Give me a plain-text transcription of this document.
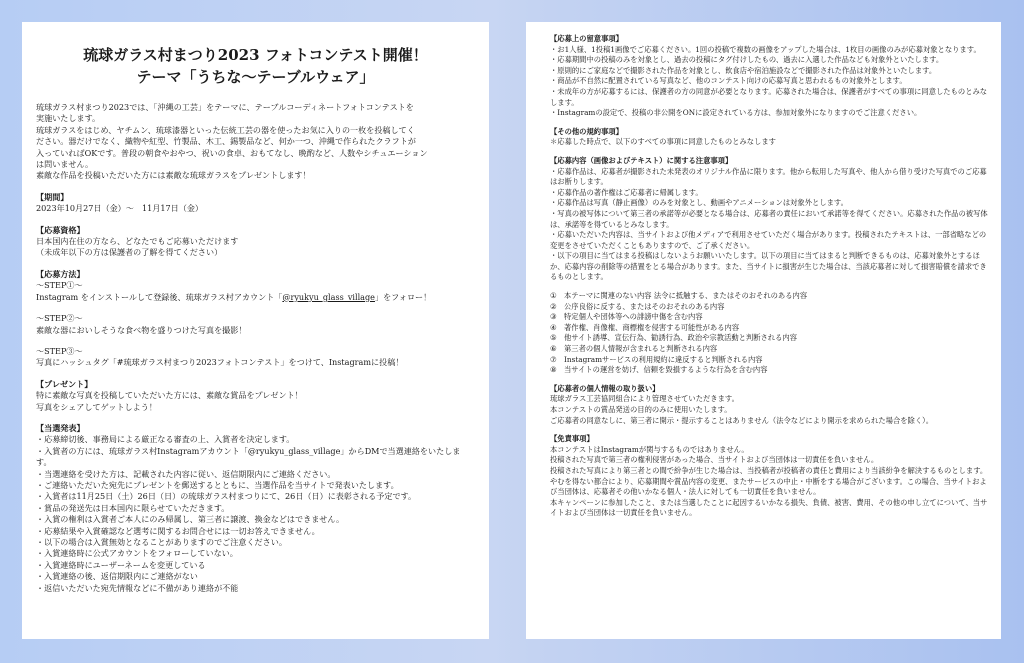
琉球ガラス村まつり2023 フォトコンテスト開催！
テーマ「うちな～テーブルウェア」

琉球ガラス村まつり2023では、「沖縄の工芸」をテーマに、テーブルコーディネートフォトコンテストを

実施いたします。

琉球ガラスをはじめ、ヤチムン、琉球漆器といった伝統工芸の器を使ったお気に入りの一枚を投稿してく

ださい。器だけでなく、織物や紅型、竹製品、木工、錫製品など、何か一つ、沖縄で作られたクラフトが

入っていればOKです。普段の朝食やおやつ、祝いの食卓、おもてなし、晩酌など、人数やシチュエーション

は問いません。

素敵な作品を投稿いただいた方には素敵な琉球ガラスをプレゼントします！

【期間】

2023年10月27日（金）～　11月17日（金）

【応募資格】

日本国内在住の方なら、どなたでもご応募いただけます

（未成年以下の方は保護者の了解を得てください）

【応募方法】

～STEP①～

Instagram をインストールして登録後、琉球ガラス村アカウント「@ryukyu_glass_village」をフォロー！

～STEP②～

素敵な器においしそうな食べ物を盛りつけた写真を撮影！

～STEP③～

写真にハッシュタグ「#琉球ガラス村まつり2023フォトコンテスト」をつけて、Instagramに投稿！

【プレゼント】

特に素敵な写真を投稿していただいた方には、素敵な賞品をプレゼント！

写真をシェアしてゲットしよう！

【当選発表】

・応募締切後、事務局による厳正なる審査の上、入賞者を決定します。
・入賞者の方には、琉球ガラス村Instagramアカウント「@ryukyu_glass_village」からDMで当選連絡をいたします。
・当選連絡を受けた方は、記載された内容に従い、返信期限内にご連絡ください。
・ご連絡いただいた宛先にプレゼントを郵送するとともに、当選作品を当サイトで発表いたします。
・入賞者は11月25日（土）26日（日）の琉球ガラス村まつりにて、26日（日）に表彰される予定です。
・賞品の発送先は日本国内に限らせていただきます。
・入賞の権利は入賞者ご本人にのみ帰属し、第三者に譲渡、換金などはできません。
・応募結果や入賞確認など選考に関するお問合せには一切お答えできません。
・以下の場合は入賞無効となることがありますのでご注意ください。
・入賞連絡時に公式アカウントをフォローしていない。
・入賞連絡時にユーザーネームを変更している
・入賞連絡の後、返信期限内にご連絡がない
・返信いただいた宛先情報などに不備があり連絡が不能

【応募上の留意事項】

・お1人様、1投稿1画像でご応募ください。1回の投稿で複数の画像をアップした場合は、1枚目の画像のみが応募対象となります。
・応募期間中の投稿のみを対象とし、過去の投稿にタグ付けしたもの、過去に入選した作品なども対象外といたします。
・原則的にご家庭などで撮影された作品を対象とし、飲食店や宿泊施設などで撮影された作品は対象外といたします。
・商品が不自然に配置されている写真など、他のコンテスト向けの応募写真と思われるもの対象外とします。
・未成年の方が応募するには、保護者の方の同意が必要となります。応募された場合は、保護者がすべての事項に同意したものとみなします。
・Instagramの設定で、投稿の非公開をONに設定されている方は、参加対象外になりますのでご注意ください。

【その他の規約事項】

＊応募した時点で、以下のすべての事項に同意したものとみなします

【応募内容（画像およびテキスト）に関する注意事項】

・応募作品は、応募者が撮影された未発表のオリジナル作品に限ります。他から転用した写真や、他人から借り受けた写真でのご応募はお断りします。
・応募作品の著作権はご応募者に帰属します。
・応募作品は写真（静止画像）のみを対象とし、動画やアニメーションは対象外とします。
・写真の被写体について第三者の承諾等が必要となる場合は、応募者の責任において承諾等を得てください。応募された作品の被写体は、承諾等を得ているとみなします。
・応募いただいた内容は、当サイトおよび他メディアで利用させていただく場合があります。投稿されたテキストは、一部省略などの変更をさせていただくこともありますので、ご了承ください。
・以下の項目に当てはまる投稿はしないようお願いいたします。以下の項目に当てはまると判断できるものは、応募対象外とするほか、応募内容の削除等の措置をとる場合があります。また、当サイトに損害が生じた場合は、当該応募者に対して損害賠償を請求できるものとします。
①	本テーマに関連のない内容 法令に抵触する、またはそのおそれのある内容
②	公序良俗に反する、またはそのおそれのある内容
③	特定個人や団体等への誹謗中傷を含む内容
④	著作権、肖像権、商標権を侵害する可能性がある内容
⑤	他サイト誘導、宣伝行為、勧誘行為、政治や宗教活動と判断される内容
⑥	第三者の個人情報が含まれると判断される内容
⑦	Instagramサービスの利用規約に違反すると判断される内容
⑧	当サイトの運営を妨げ、信頼を毀損するような行為を含む内容

【応募者の個人情報の取り扱い】

琉球ガラス工芸協同組合により管理させていただきます。

本コンテストの賞品発送の目的のみに使用いたします。

ご応募者の同意なしに、第三者に開示・提示することはありません（法令などにより開示を求められた場合を除く）。

【免責事項】

本コンテストはInstagramが関与するものではありません。

投稿された写真で第三者の権利侵害があった場合、当サイトおよび当団体は一切責任を負いません。

投稿された写真により第三者との間で紛争が生じた場合は、当投稿者が投稿者の責任と費用により当該紛争を解決するものとします。

やむを得ない都合により、応募期間や賞品内容の変更、またサービスの中止・中断をする場合がございます。この場合、当サイトおよび当団体は、応募者その他いかなる個人・法人に対しても一切責任を負いません。

本キャンペーンに参加したこと、または当選したことに起因するいかなる損失、負債、被害、費用、その他の申し立てについて、当サイトおよび当団体は一切責任を負いません。
